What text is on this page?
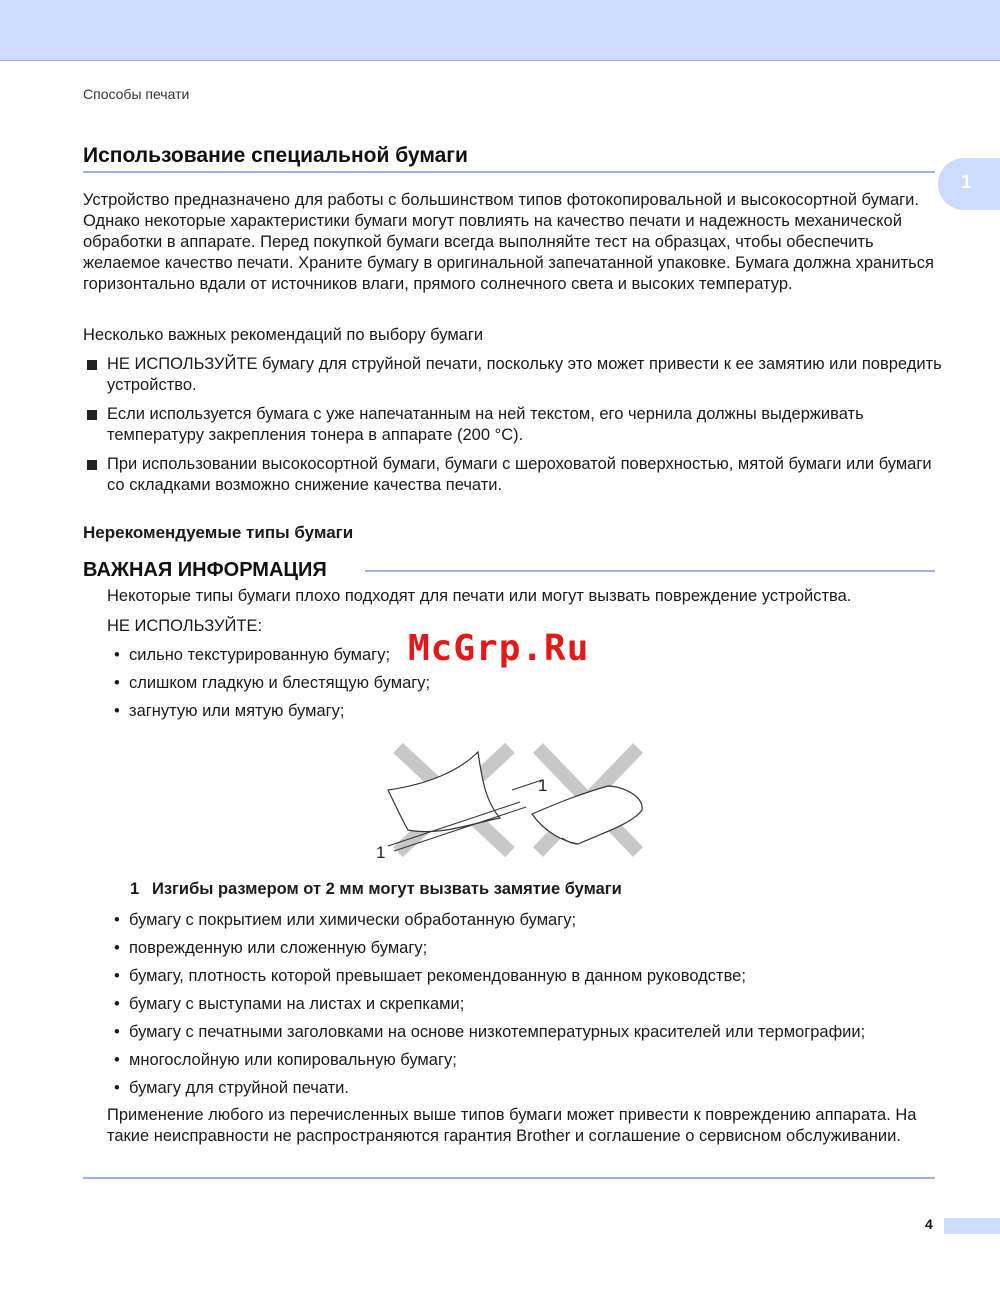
Способы печати
Использование специальной бумаги
1
Устройство предназначено для работы с большинством типов фотокопировальной и высокосортной бумаги. Однако некоторые характеристики бумаги могут повлиять на качество печати и надежность механической обработки в аппарате. Перед покупкой бумаги всегда выполняйте тест на образцах, чтобы обеспечить желаемое качество печати. Храните бумагу в оригинальной запечатанной упаковке. Бумага должна храниться горизонтально вдали от источников влаги, прямого солнечного света и высоких температур.
Несколько важных рекомендаций по выбору бумаги
НЕ ИСПОЛЬЗУЙТЕ бумагу для струйной печати, поскольку это может привести к ее замятию или повредить устройство.
Если используется бумага с уже напечатанным на ней текстом, его чернила должны выдерживать температуру закрепления тонера в аппарате (200 °C).
При использовании высокосортной бумаги, бумаги с шероховатой поверхностью, мятой бумаги или бумаги со складками возможно снижение качества печати.
Нерекомендуемые типы бумаги
ВАЖНАЯ ИНФОРМАЦИЯ
Некоторые типы бумаги плохо подходят для печати или могут вызвать повреждение устройства.
НЕ ИСПОЛЬЗУЙТЕ:
• сильно текстурированную бумагу;
• слишком гладкую и блестящую бумагу;
• загнутую или мятую бумагу;
McGrp.Ru
1
1
1 Изгибы размером от 2 мм могут вызвать замятие бумаги
• бумагу с покрытием или химически обработанную бумагу;
• поврежденную или сложенную бумагу;
• бумагу, плотность которой превышает рекомендованную в данном руководстве;
• бумагу с выступами на листах и скрепками;
• бумагу с печатными заголовками на основе низкотемпературных красителей или термографии;
• многослойную или копировальную бумагу;
• бумагу для струйной печати.
Применение любого из перечисленных выше типов бумаги может привести к повреждению аппарата. На такие неисправности не распространяются гарантия Brother и соглашение о сервисном обслуживании.
4
